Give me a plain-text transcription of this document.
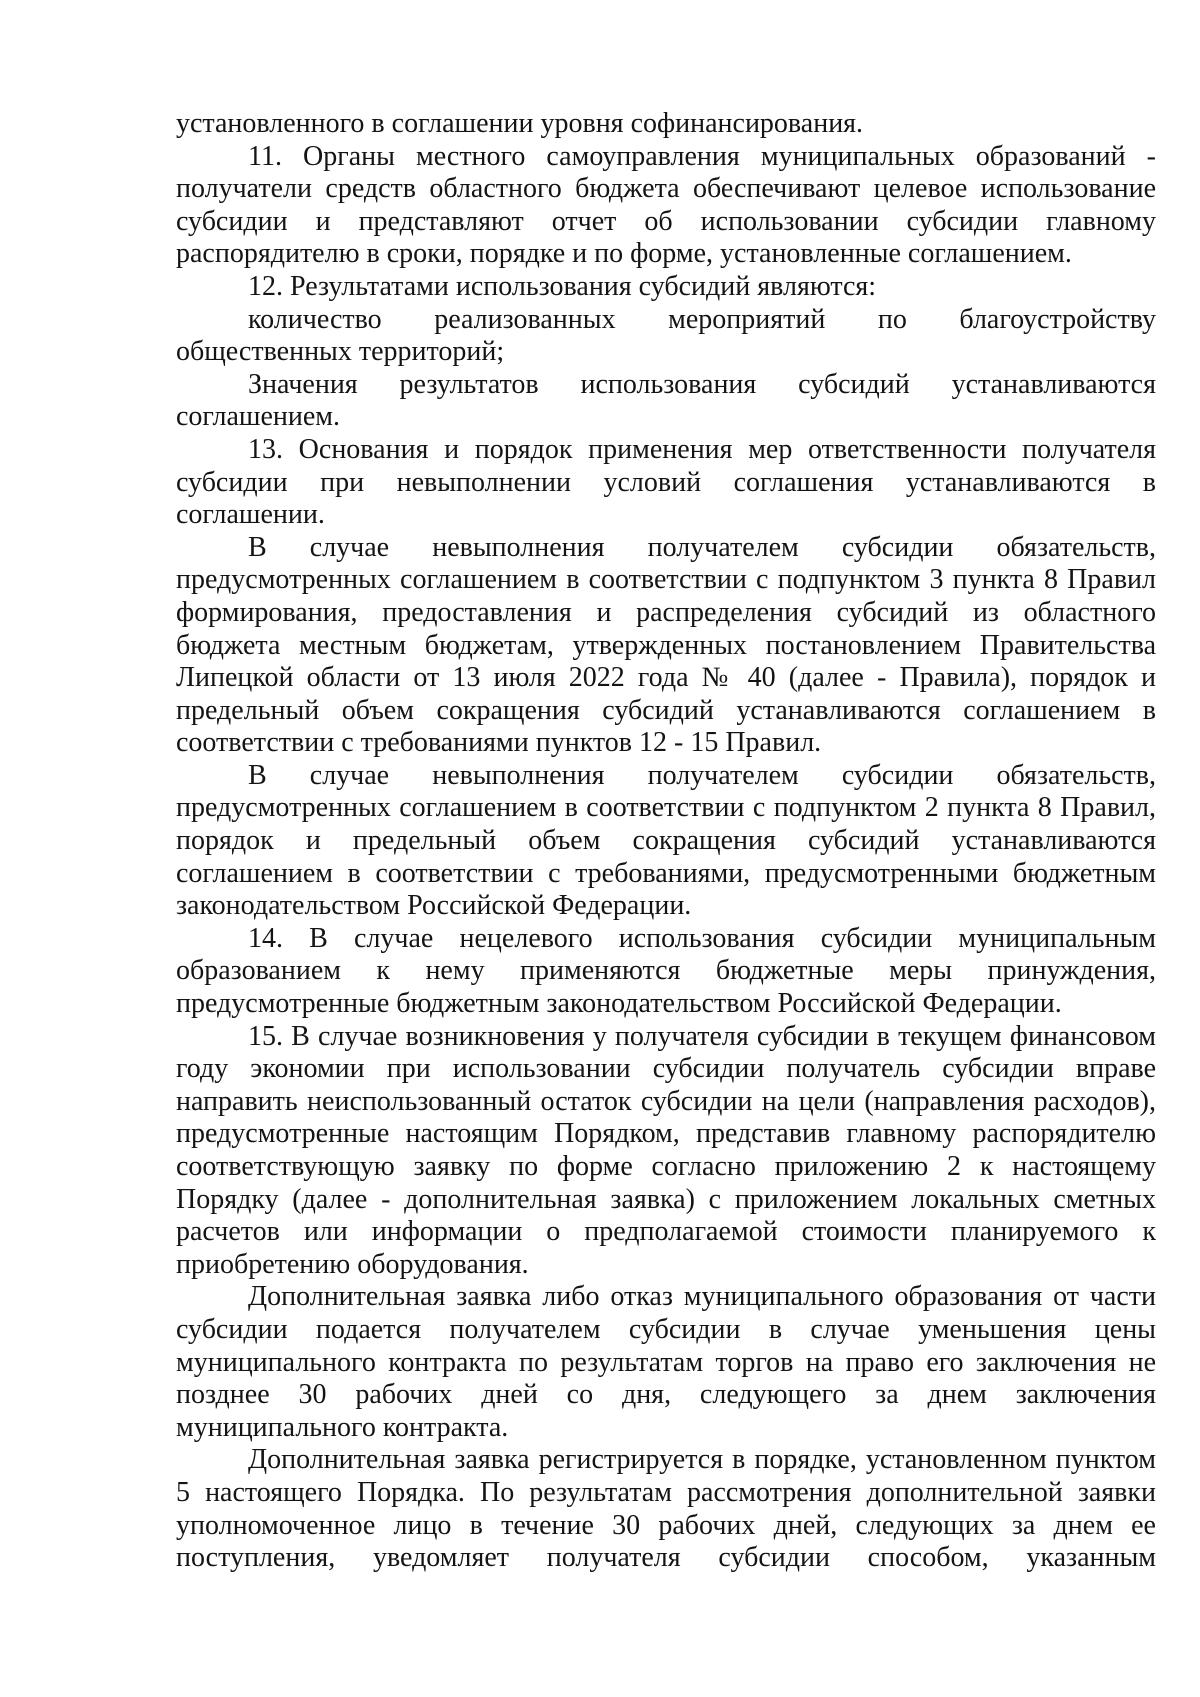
установленного в соглашении уровня софинансирования.

11. Органы местного самоуправления муниципальных образований - получатели средств областного бюджета обеспечивают целевое использование субсидии и представляют отчет об использовании субсидии главному распорядителю в сроки, порядке и по форме, установленные соглашением.

12. Результатами использования субсидий являются:

количество реализованных мероприятий по благоустройству общественных территорий;

Значения результатов использования субсидий устанавливаются соглашением.

13. Основания и порядок применения мер ответственности получателя субсидии при невыполнении условий соглашения устанавливаются в соглашении.

В случае невыполнения получателем субсидии обязательств, предусмотренных соглашением в соответствии с подпунктом 3 пункта 8 Правил формирования, предоставления и распределения субсидий из областного бюджета местным бюджетам, утвержденных постановлением Правительства Липецкой области от 13 июля 2022 года № 40 (далее - Правила), порядок и предельный объем сокращения субсидий устанавливаются соглашением в соответствии с требованиями пунктов 12 - 15 Правил.

В случае невыполнения получателем субсидии обязательств, предусмотренных соглашением в соответствии с подпунктом 2 пункта 8 Правил, порядок и предельный объем сокращения субсидий устанавливаются соглашением в соответствии с требованиями, предусмотренными бюджетным законодательством Российской Федерации.

14. В случае нецелевого использования субсидии муниципальным образованием к нему применяются бюджетные меры принуждения, предусмотренные бюджетным законодательством Российской Федерации.

15. В случае возникновения у получателя субсидии в текущем финансовом году экономии при использовании субсидии получатель субсидии вправе направить неиспользованный остаток субсидии на цели (направления расходов), предусмотренные настоящим Порядком, представив главному распорядителю соответствующую заявку по форме согласно приложению 2 к настоящему Порядку (далее - дополнительная заявка) с приложением локальных сметных расчетов или информации о предполагаемой стоимости планируемого к приобретению оборудования.

Дополнительная заявка либо отказ муниципального образования от части субсидии подается получателем субсидии в случае уменьшения цены муниципального контракта по результатам торгов на право его заключения не позднее 30 рабочих дней со дня, следующего за днем заключения муниципального контракта.

Дополнительная заявка регистрируется в порядке, установленном пунктом 5 настоящего Порядка. По результатам рассмотрения дополнительной заявки уполномоченное лицо в течение 30 рабочих дней, следующих за днем ее поступления, уведомляет получателя субсидии способом, указанным
